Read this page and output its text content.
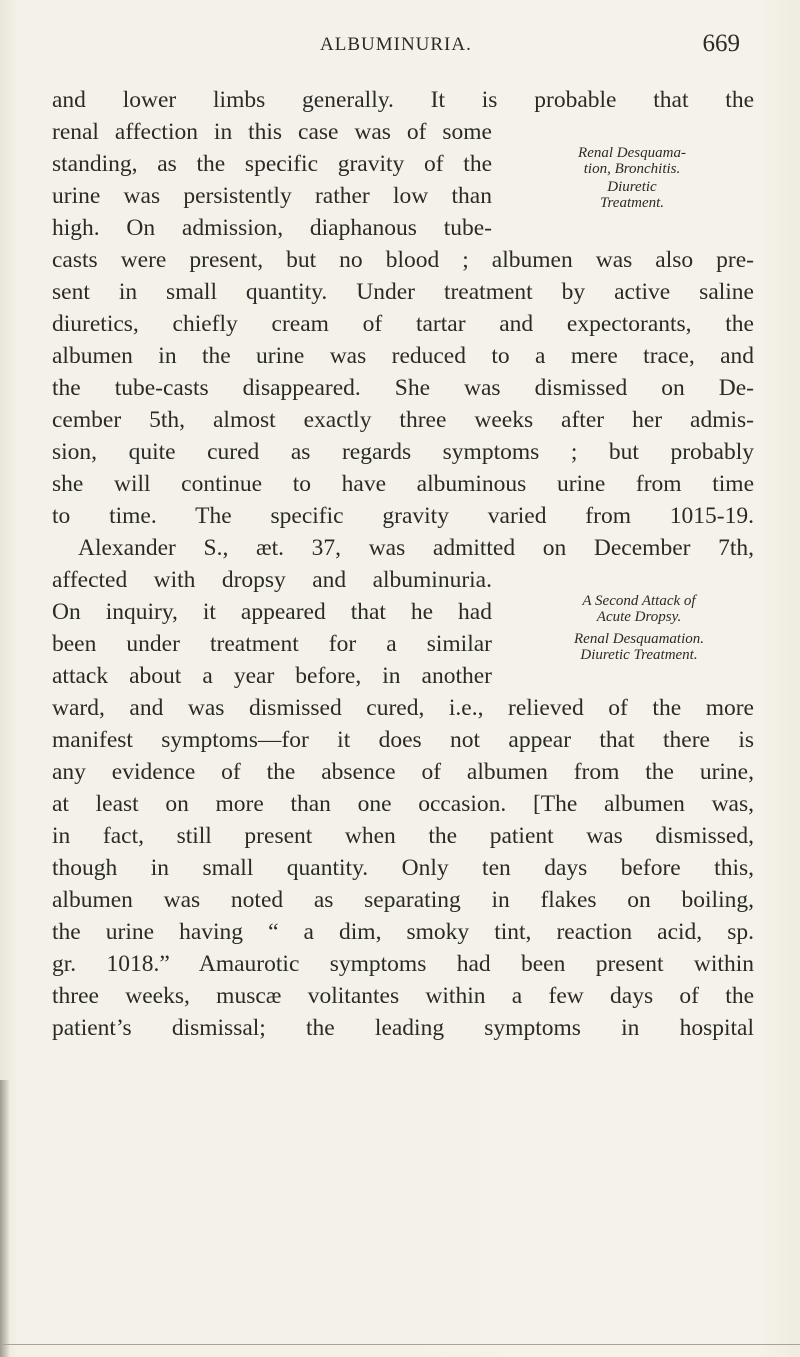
ALBUMINURIA.	669
and lower limbs generally. It is probable that the
renal affection in this case was of some
standing, as the specific gravity of the
urine was persistently rather low than
high. On admission, diaphanous tube-
casts were present, but no blood ; albumen was also pre-
sent in small quantity. Under treatment by active saline
diuretics, chiefly cream of tartar and expectorants, the
albumen in the urine was reduced to a mere trace, and
the tube-casts disappeared. She was dismissed on De-
cember 5th, almost exactly three weeks after her admis-
sion, quite cured as regards symptoms ; but probably
she will continue to have albuminous urine from time
to time. The specific gravity varied from 1015-19.
Alexander S., æt. 37, was admitted on December 7th,
affected with dropsy and albuminuria.
On inquiry, it appeared that he had
been under treatment for a similar
attack about a year before, in another
ward, and was dismissed cured, i.e., relieved of the more
manifest symptoms—for it does not appear that there is
any evidence of the absence of albumen from the urine,
at least on more than one occasion. [The albumen was,
in fact, still present when the patient was dismissed,
though in small quantity. Only ten days before this,
albumen was noted as separating in flakes on boiling,
the urine having “ a dim, smoky tint, reaction acid, sp.
gr. 1018.” Amaurotic symptoms had been present within
three weeks, muscæ volitantes within a few days of the
patient’s dismissal; the leading symptoms in hospital
Renal Desquama-
tion, Bronchitis.
Diuretic
Treatment.
A Second Attack of
Acute Dropsy.
Renal Desquamation.
Diuretic Treatment.
